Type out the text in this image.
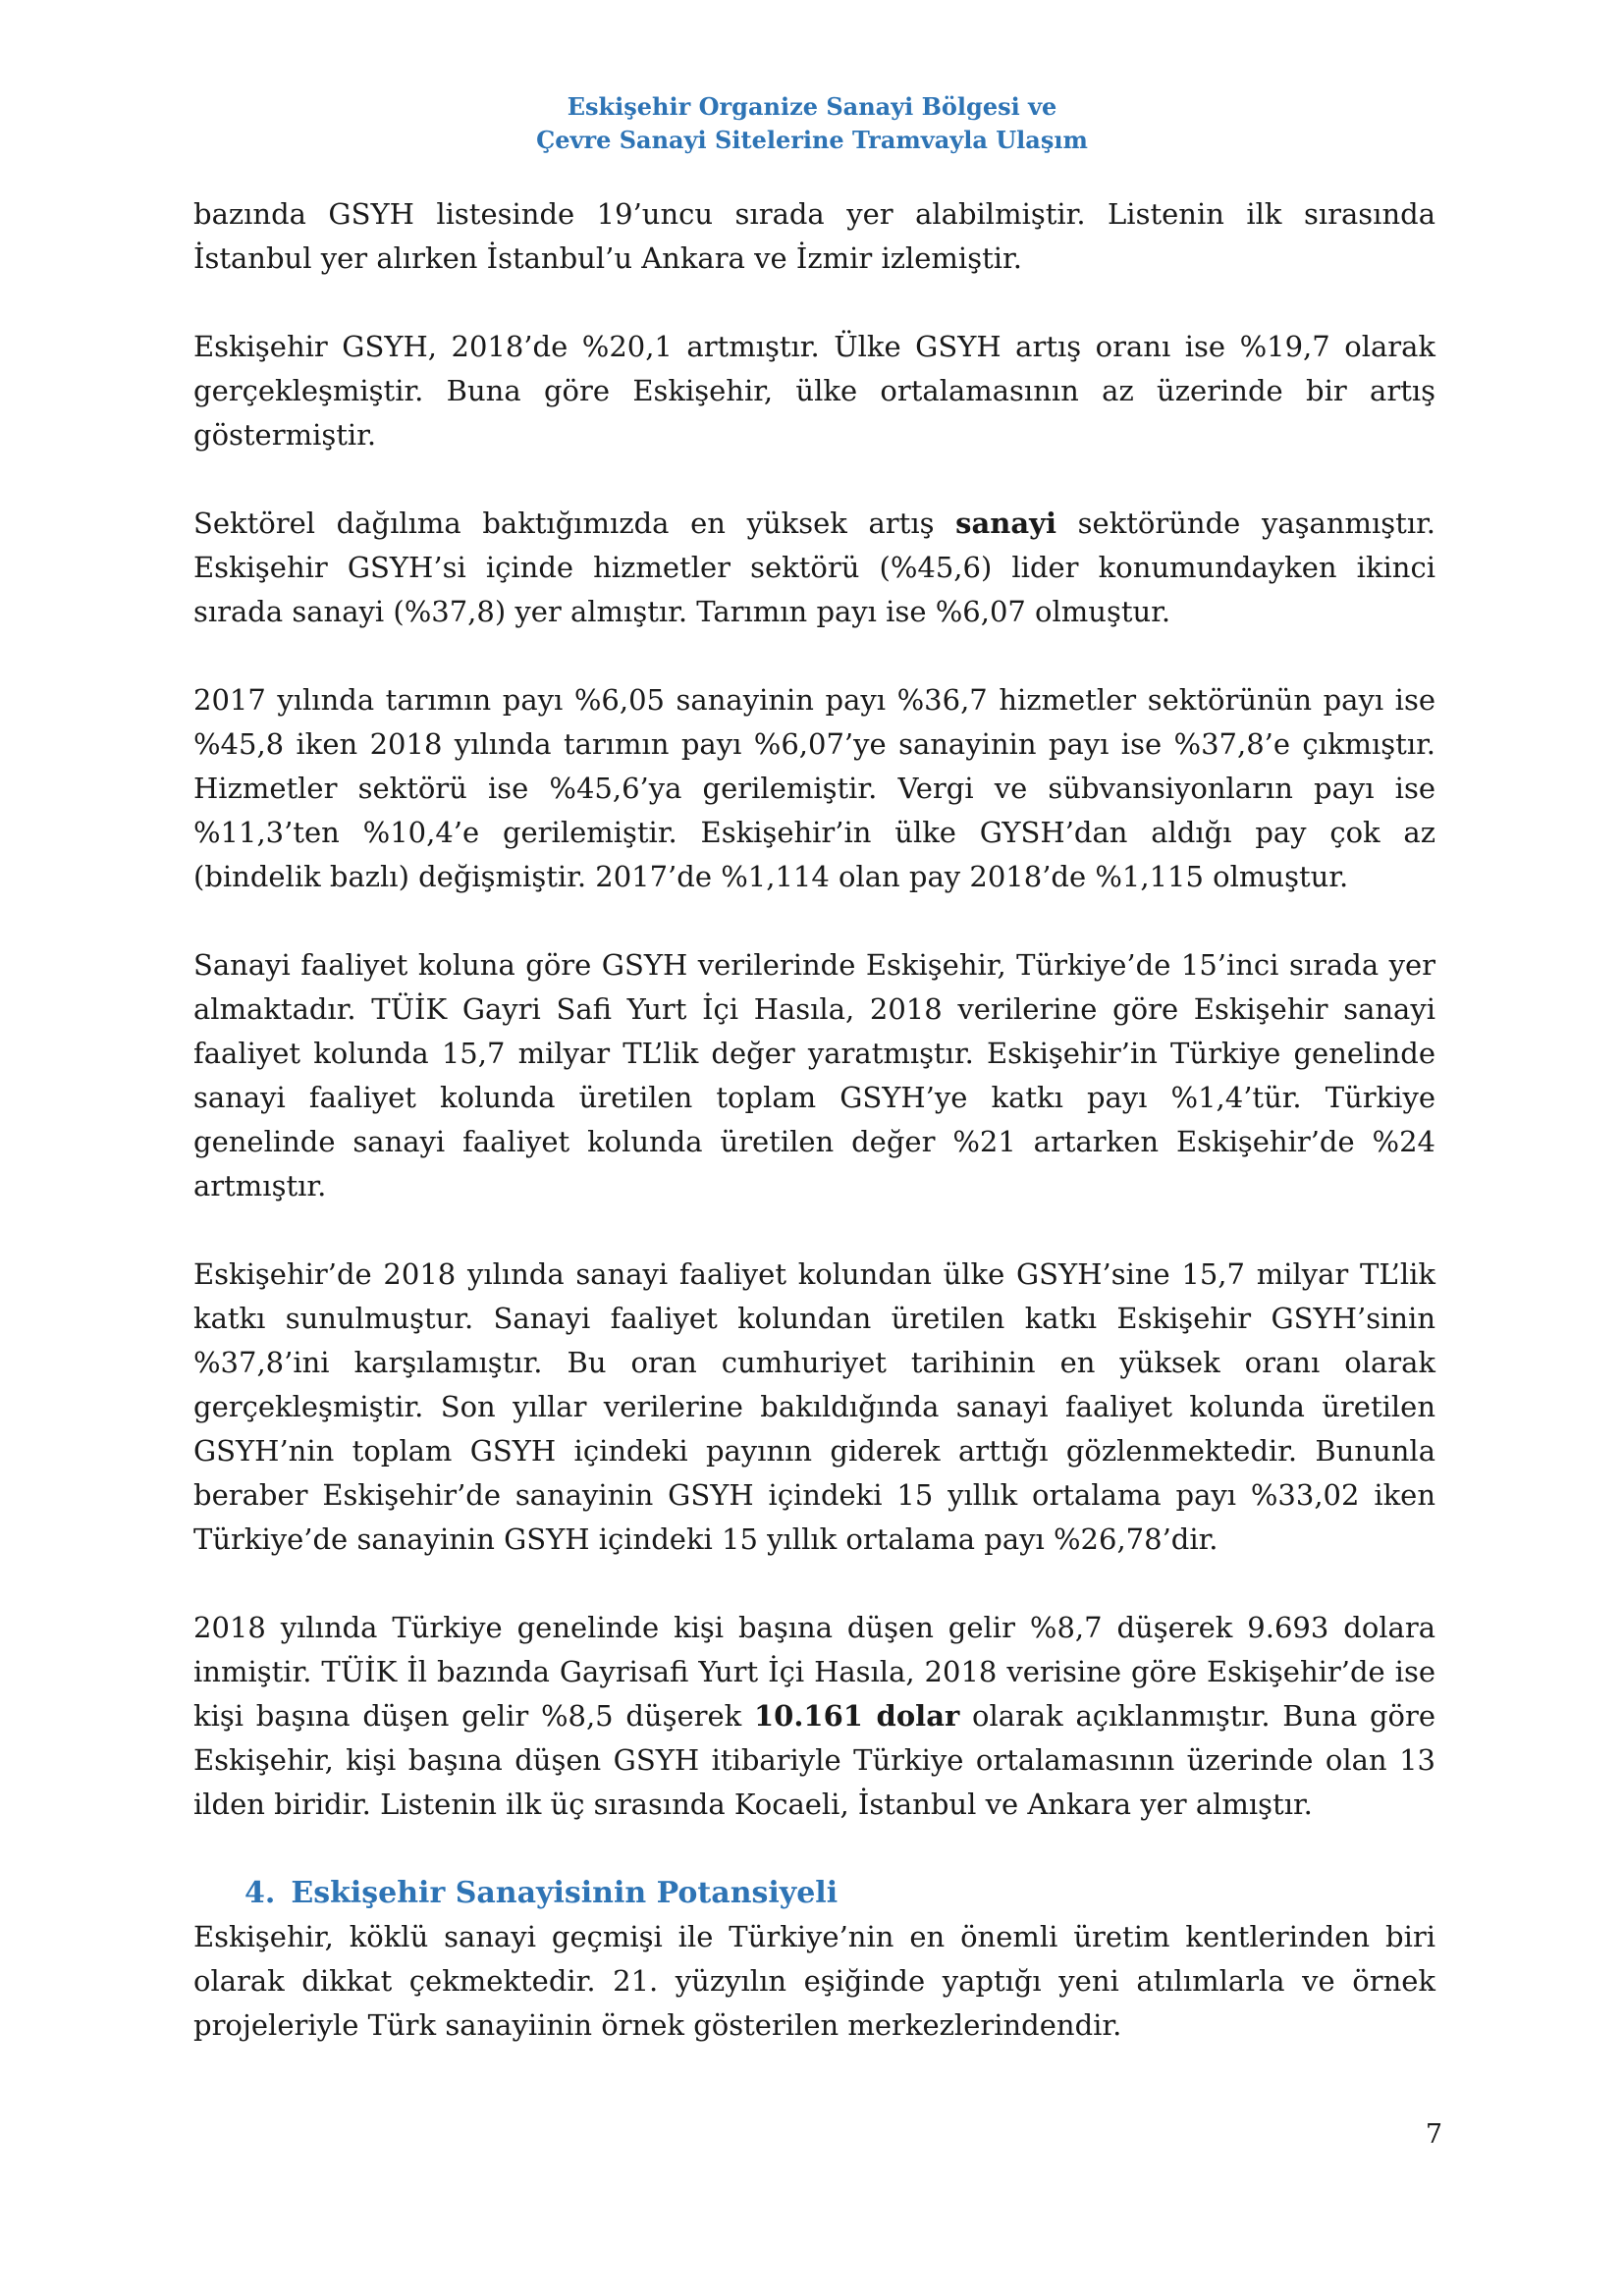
Eskişehir Organize Sanayi Bölgesi ve
Çevre Sanayi Sitelerine Tramvayla Ulaşım

bazında GSYH listesinde 19’uncu sırada yer alabilmiştir. Listenin ilk sırasında İstanbul yer alırken İstanbul’u Ankara ve İzmir izlemiştir.

Eskişehir GSYH, 2018’de %20,1 artmıştır. Ülke GSYH artış oranı ise %19,7 olarak gerçekleşmiştir. Buna göre Eskişehir, ülke ortalamasının az üzerinde bir artış göstermiştir.

Sektörel dağılıma baktığımızda en yüksek artış sanayi sektöründe yaşanmıştır. Eskişehir GSYH’si içinde hizmetler sektörü (%45,6) lider konumundayken ikinci sırada sanayi (%37,8) yer almıştır. Tarımın payı ise %6,07 olmuştur.

2017 yılında tarımın payı %6,05 sanayinin payı %36,7 hizmetler sektörünün payı ise %45,8 iken 2018 yılında tarımın payı %6,07’ye sanayinin payı ise %37,8’e çıkmıştır. Hizmetler sektörü ise %45,6’ya gerilemiştir. Vergi ve sübvansiyonların payı ise %11,3’ten %10,4’e gerilemiştir. Eskişehir’in ülke GYSH’dan aldığı pay çok az (bindelik bazlı) değişmiştir. 2017’de %1,114 olan pay 2018’de %1,115 olmuştur.

Sanayi faaliyet koluna göre GSYH verilerinde Eskişehir, Türkiye’de 15’inci sırada yer almaktadır. TÜİK Gayri Safi Yurt İçi Hasıla, 2018 verilerine göre Eskişehir sanayi faaliyet kolunda 15,7 milyar TL’lik değer yaratmıştır. Eskişehir’in Türkiye genelinde sanayi faaliyet kolunda üretilen toplam GSYH’ye katkı payı %1,4’tür. Türkiye genelinde sanayi faaliyet kolunda üretilen değer %21 artarken Eskişehir’de %24 artmıştır.

Eskişehir’de 2018 yılında sanayi faaliyet kolundan ülke GSYH’sine 15,7 milyar TL’lik katkı sunulmuştur. Sanayi faaliyet kolundan üretilen katkı Eskişehir GSYH’sinin %37,8’ini karşılamıştır. Bu oran cumhuriyet tarihinin en yüksek oranı olarak gerçekleşmiştir. Son yıllar verilerine bakıldığında sanayi faaliyet kolunda üretilen GSYH’nin toplam GSYH içindeki payının giderek arttığı gözlenmektedir. Bununla beraber Eskişehir’de sanayinin GSYH içindeki 15 yıllık ortalama payı %33,02 iken Türkiye’de sanayinin GSYH içindeki 15 yıllık ortalama payı %26,78’dir.

2018 yılında Türkiye genelinde kişi başına düşen gelir %8,7 düşerek 9.693 dolara inmiştir. TÜİK İl bazında Gayrisafi Yurt İçi Hasıla, 2018 verisine göre Eskişehir’de ise kişi başına düşen gelir %8,5 düşerek 10.161 dolar olarak açıklanmıştır. Buna göre Eskişehir, kişi başına düşen GSYH itibariyle Türkiye ortalamasının üzerinde olan 13 ilden biridir. Listenin ilk üç sırasında Kocaeli, İstanbul ve Ankara yer almıştır.

4. Eskişehir Sanayisinin Potansiyeli

Eskişehir, köklü sanayi geçmişi ile Türkiye’nin en önemli üretim kentlerinden biri olarak dikkat çekmektedir. 21. yüzyılın eşiğinde yaptığı yeni atılımlarla ve örnek projeleriyle Türk sanayiinin örnek gösterilen merkezlerindendir.

7
